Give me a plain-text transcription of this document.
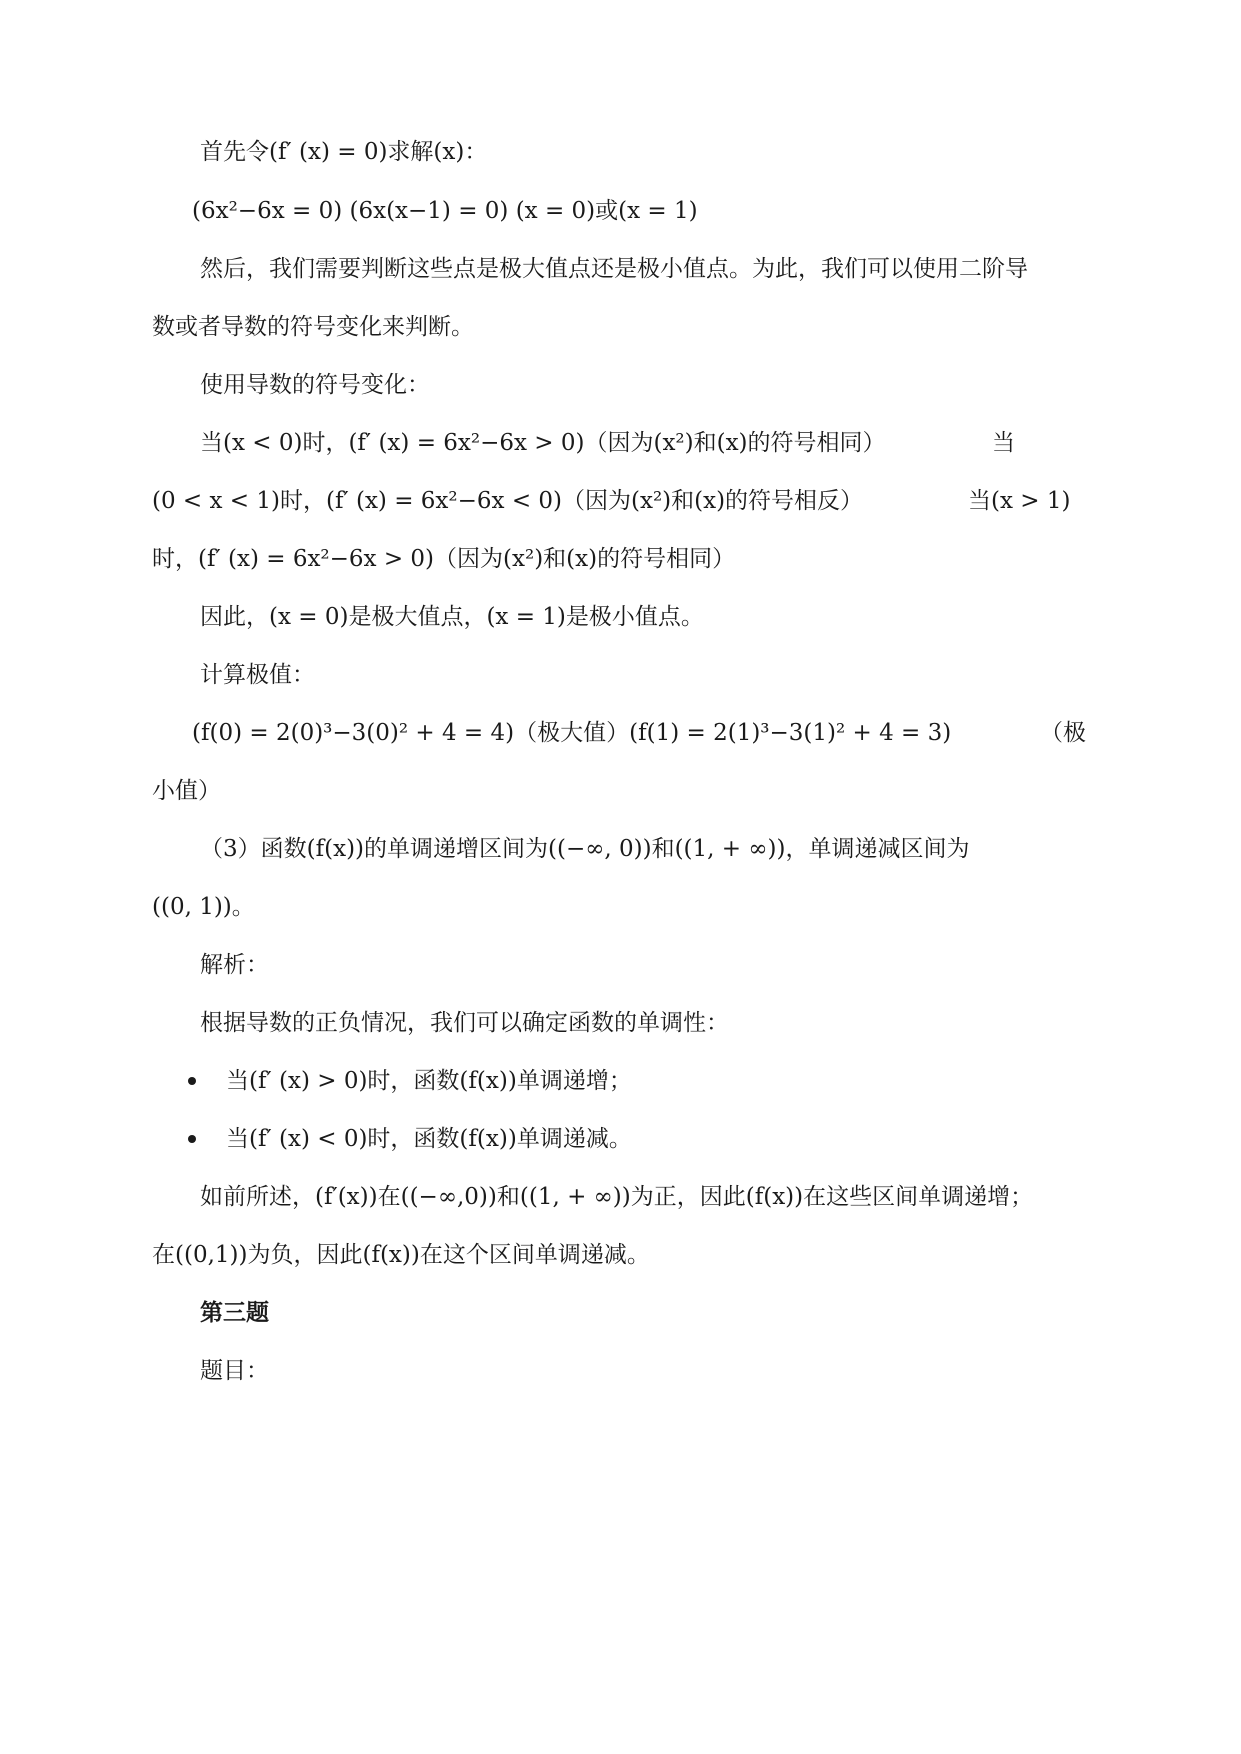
首先令(f′ (x) = 0)求解(x)：
(6x²−6x = 0) (6x(x−1) = 0) (x = 0)或(x = 1)
然后，我们需要判断这些点是极大值点还是极小值点。为此，我们可以使用二阶导
数或者导数的符号变化来判断。
使用导数的符号变化：
当(x < 0)时，(f′ (x) = 6x²−6x > 0)（因为(x²)和(x)的符号相同）	当
(0 < x < 1)时，(f′ (x) = 6x²−6x < 0)（因为(x²)和(x)的符号相反）	当(x > 1)
时，(f′ (x) = 6x²−6x > 0)（因为(x²)和(x)的符号相同）
因此，(x = 0)是极大值点，(x = 1)是极小值点。
计算极值：
(f(0) = 2(0)³−3(0)² + 4 = 4)（极大值）(f(1) = 2(1)³−3(1)² + 4 = 3)	（极
小值）
（3）函数(f(x))的单调递增区间为((−∞, 0))和((1, + ∞))，单调递减区间为
((0, 1))。
解析：
根据导数的正负情况，我们可以确定函数的单调性：
当(f′ (x) > 0)时，函数(f(x))单调递增；
当(f′ (x) < 0)时，函数(f(x))单调递减。
如前所述，(f′(x))在((−∞,0))和((1, + ∞))为正，因此(f(x))在这些区间单调递增；
在((0,1))为负，因此(f(x))在这个区间单调递减。
第三题
题目：
